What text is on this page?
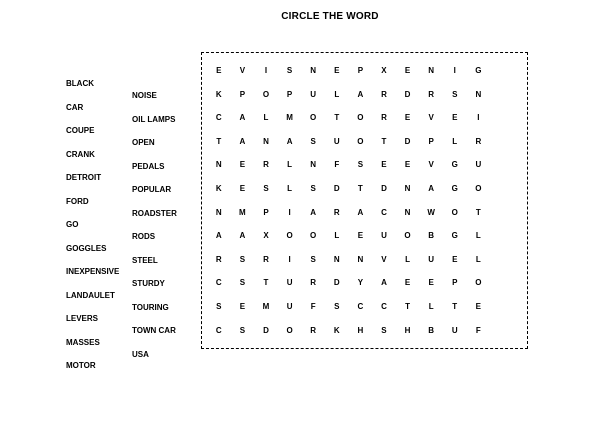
CIRCLE THE WORD
BLACK
CAR
COUPE
CRANK
DETROIT
FORD
GO
GOGGLES
INEXPENSIVE
LANDAULET
LEVERS
MASSES
MOTOR
NOISE
OIL LAMPS
OPEN
PEDALS
POPULAR
ROADSTER
RODS
STEEL
STURDY
TOURING
TOWN CAR
USA
E	V	I	S	N	E	P	X	E	N	I	G
K	P	O	P	U	L	A	R	D	R	S	N
C	A	L	M	O	T	O	R	E	V	E	I
T	A	N	A	S	U	O	T	D	P	L	R
N	E	R	L	N	F	S	E	E	V	G	U
K	E	S	L	S	D	T	D	N	A	G	O
N	M	P	I	A	R	A	C	N	W	O	T
A	A	X	O	O	L	E	U	O	B	G	L
R	S	R	I	S	N	N	V	L	U	E	L
C	S	T	U	R	D	Y	A	E	E	P	O
S	E	M	U	F	S	C	C	T	L	T	E
C	S	D	O	R	K	H	S	H	B	U	F
